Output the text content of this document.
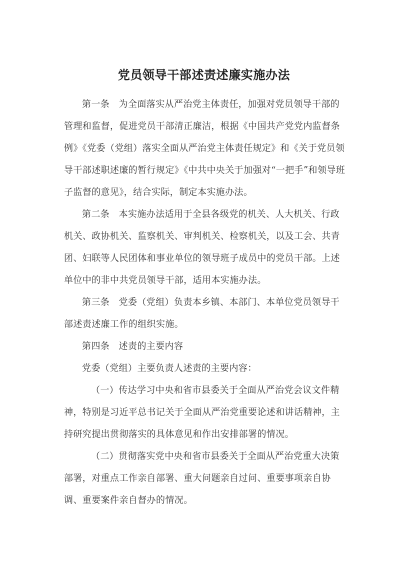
党员领导干部述责述廉实施办法

第一条　为全面落实从严治党主体责任，加强对党员领导干部的管理和监督，促进党员干部清正廉洁，根据《中国共产党党内监督条　例》《党委（党组）落实全面从严治党主体责任规定》和《关于党员领导干部述职述廉的暂行规定》《中共中央关于加强对“一把手”和领导班子监督的意见》，结合实际，制定本实施办法。

第二条　本实施办法适用于全县各级党的机关、人大机关、行政机关、政协机关、监察机关、审判机关、检察机关，以及工会、共青团、妇联等人民团体和事业单位的领导班子成员中的党员干部。上述单位中的非中共党员领导干部，适用本实施办法。

第三条　党委（党组）负责本乡镇、本部门、本单位党员领导干部述责述廉工作的组织实施。

第四条　述责的主要内容

党委（党组）主要负责人述责的主要内容：

（一）传达学习中央和省市县委关于全面从严治党会议文件精神，特别是习近平总书记关于全面从严治党重要论述和讲话精神，主持研究提出贯彻落实的具体意见和作出安排部署的情况。

（二）贯彻落实党中央和省市县委关于全面从严治党重大决策部署，对重点工作亲自部署、重大问题亲自过问、重要事项亲自协调、重要案件亲自督办的情况。
